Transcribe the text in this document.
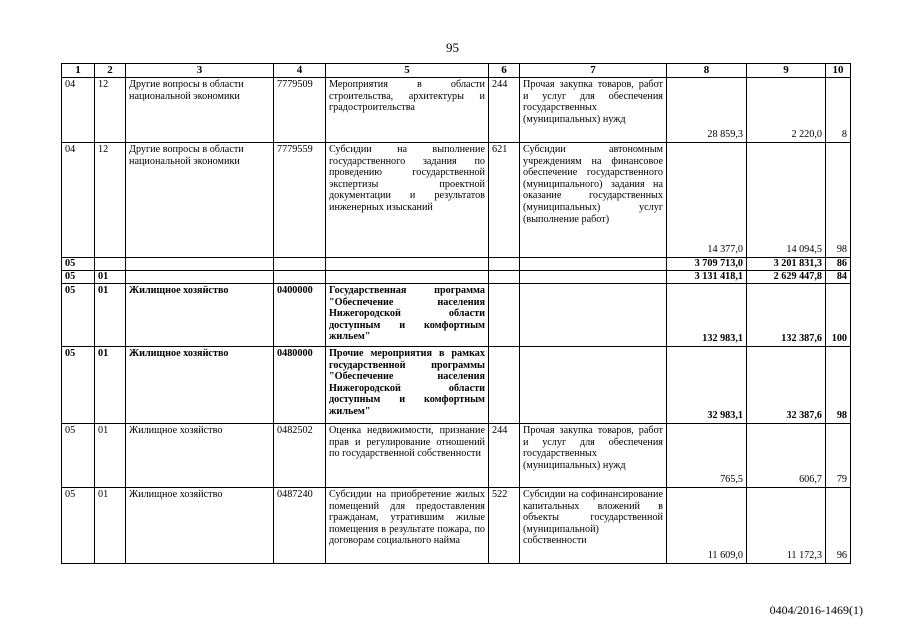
95
1	2	3	4	5	6	7	8	9	10
04	12	Другие вопросы в области национальной экономики	7779509	Мероприятия в области строительства, архитектуры и градостроительства	244	Прочая закупка товаров, работ и услуг для обеспечения государственных (муниципальных) нужд	28 859,3	2 220,0	8
04	12	Другие вопросы в области национальной экономики	7779559	Субсидии на выполнение государственного задания по проведению государственной экспертизы проектной документации и результатов инженерных изысканий	621	Субсидии автономным учреждениям на финансовое обеспечение государственного (муниципального) задания на оказание государственных (муниципальных) услуг (выполнение работ)	14 377,0	14 094,5	98
05							3 709 713,0	3 201 831,3	86
05	01						3 131 418,1	2 629 447,8	84
05	01	Жилищное хозяйство	0400000	Государственная программа "Обеспечение населения Нижегородской области доступным и комфортным жильем"			132 983,1	132 387,6	100
05	01	Жилищное хозяйство	0480000	Прочие мероприятия в рамках государственной программы "Обеспечение населения Нижегородской области доступным и комфортным жильем"			32 983,1	32 387,6	98
05	01	Жилищное хозяйство	0482502	Оценка недвижимости, признание прав и регулирование отношений по государственной собственности	244	Прочая закупка товаров, работ и услуг для обеспечения государственных (муниципальных) нужд	765,5	606,7	79
05	01	Жилищное хозяйство	0487240	Субсидии на приобретение жилых помещений для предоставления гражданам, утратившим жилые помещения в результате пожара, по договорам социального найма	522	Субсидии на софинансирование капитальных вложений в объекты государственной (муниципальной) собственности	11 609,0	11 172,3	96
0404/2016-1469(1)
